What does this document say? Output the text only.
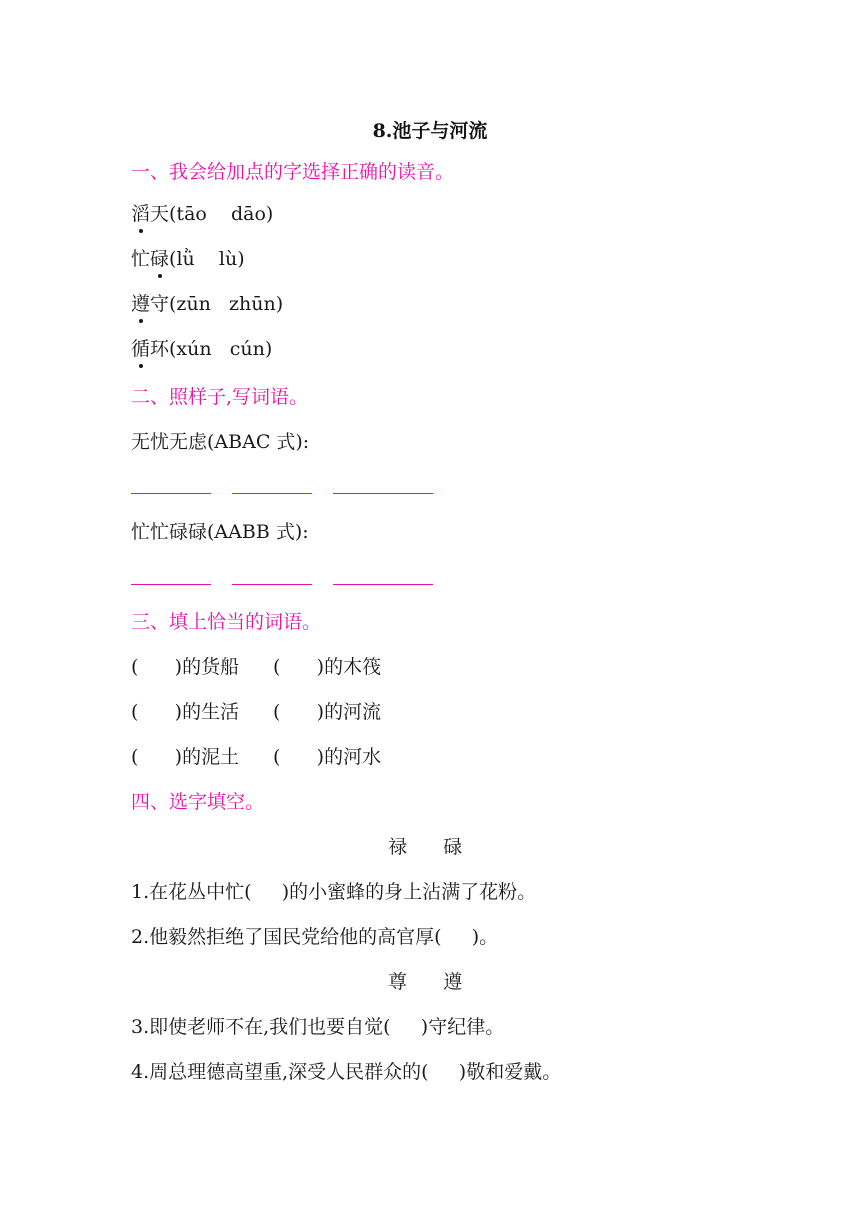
8.池子与河流
一、我会给加点的字选择正确的读音。
滔天(tāo    dāo)
忙碌(lǜ    lù)
遵守(zūn   zhūn)
循环(xún   cún)
二、照样子,写词语。
无忧无虑(ABAC 式):
忙忙碌碌(AABB 式):
三、填上恰当的词语。
(      )的货船 (      )的木筏
(      )的生活 (      )的河流
(      )的泥土 (      )的河水
四、选字填空。
禄      碌
1.在花丛中忙(     )的小蜜蜂的身上沾满了花粉。
2.他毅然拒绝了国民党给他的高官厚(     )。
尊      遵
3.即使老师不在,我们也要自觉(     )守纪律。
4.周总理德高望重,深受人民群众的(     )敬和爱戴。
